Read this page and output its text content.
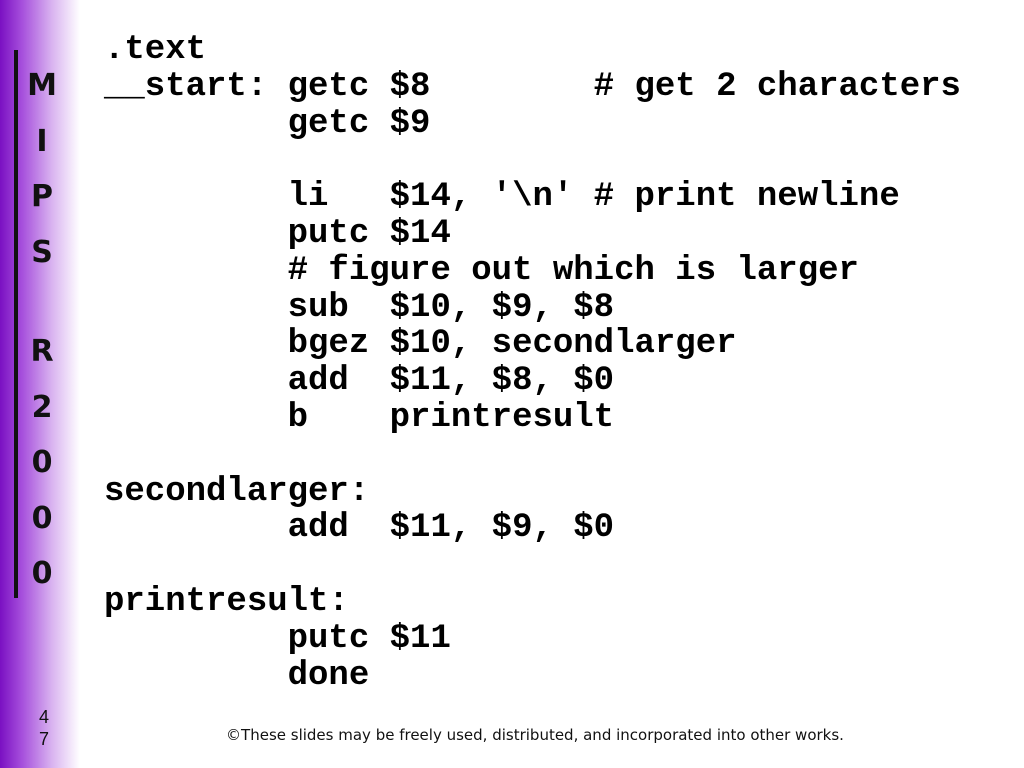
M
I
P
S
R
2
0
0
0
4
7
.text
__start: getc $8        # get 2 characters
getc $9
li   $14, '\n' # print newline
putc $14
# figure out which is larger
sub  $10, $9, $8
bgez $10, secondlarger
add  $11, $8, $0
b    printresult
secondlarger:
add  $11, $9, $0
printresult:
putc $11
done
©These slides may be freely used, distributed, and incorporated into other works.
